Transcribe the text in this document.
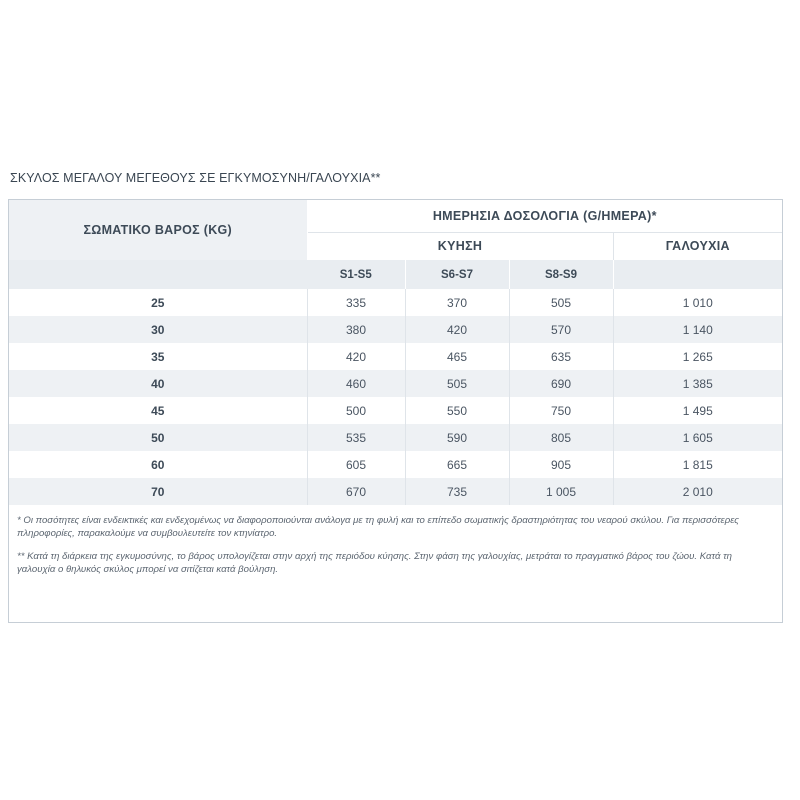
ΣΚΥΛΟΣ ΜΕΓΑΛΟΥ ΜΕΓΕΘΟΥΣ ΣΕ ΕΓΚΥΜΟΣΥΝΗ/ΓΑΛΟΥΧΙΑ**
ΣΩΜΑΤΙΚΟ ΒΑΡΟΣ (KG)	ΗΜΕΡΗΣΙΑ ΔΟΣΟΛΟΓΙΑ (G/ΗΜΕΡΑ)*			
	ΚΥΗΣΗ			ΓΑΛΟΥΧΙΑ
	S1-S5	S6-S7	S8-S9	
25	335	370	505	1 010
30	380	420	570	1 140
35	420	465	635	1 265
40	460	505	690	1 385
45	500	550	750	1 495
50	535	590	805	1 605
60	605	665	905	1 815
70	670	735	1 005	2 010

* Οι ποσότητες είναι ενδεικτικές και ενδεχομένως να διαφοροποιούνται ανάλογα με τη φυλή και το επίπεδο σωματικής δραστηριότητας του νεαρού σκύλου. Για περισσότερες πληροφορίες, παρακαλούμε να συμβουλευτείτε τον κτηνίατρο.

** Κατά τη διάρκεια της εγκυμοσύνης, το βάρος υπολογίζεται στην αρχή της περιόδου κύησης. Στην φάση της γαλουχίας, μετράται το πραγματικό βάρος του ζώου. Κατά τη γαλουχία ο θηλυκός σκύλος μπορεί να σιτίζεται κατά βούληση.
